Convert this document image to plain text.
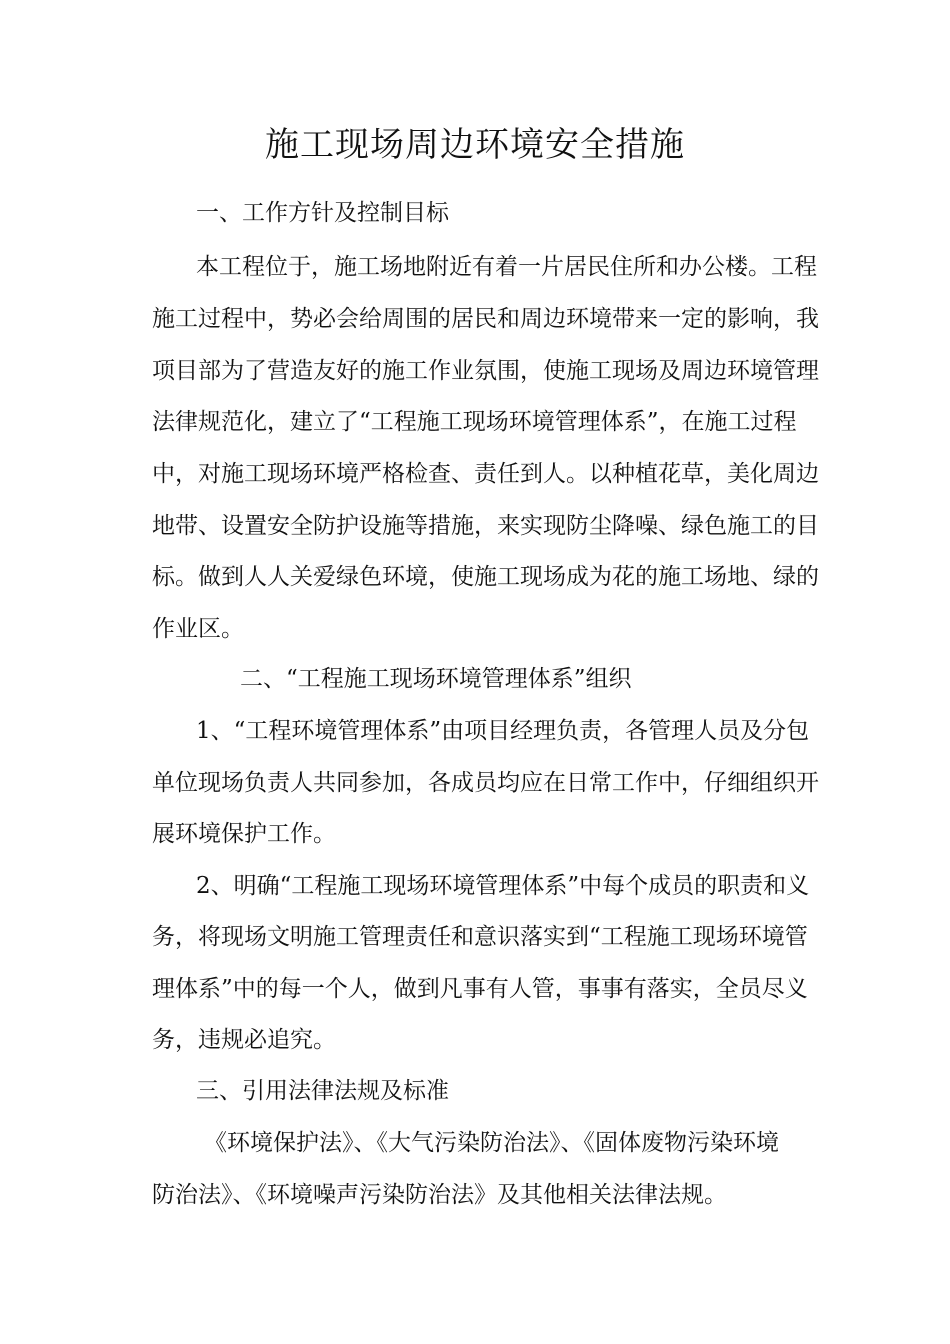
施工现场周边环境安全措施

一、工作方针及控制目标

本工程位于，施工场地附近有着一片居民住所和办公楼。工程

施工过程中，势必会给周围的居民和周边环境带来一定的影响，我

项目部为了营造友好的施工作业氛围，使施工现场及周边环境管理

法律规范化，建立了“工程施工现场环境管理体系”，在施工过程

中，对施工现场环境严格检查、责任到人。以种植花草，美化周边

地带、设置安全防护设施等措施，来实现防尘降噪、绿色施工的目

标。做到人人关爱绿色环境，使施工现场成为花的施工场地、绿的

作业区。

二、“工程施工现场环境管理体系”组织

1、“工程环境管理体系”由项目经理负责，各管理人员及分包

单位现场负责人共同参加，各成员均应在日常工作中，仔细组织开

展环境保护工作。

2、明确“工程施工现场环境管理体系”中每个成员的职责和义

务，将现场文明施工管理责任和意识落实到“工程施工现场环境管

理体系”中的每一个人，做到凡事有人管，事事有落实，全员尽义

务，违规必追究。

三、引用法律法规及标准

《环境保护法》、《大气污染防治法》、《固体废物污染环境

防治法》、《环境噪声污染防治法》及其他相关法律法规。
